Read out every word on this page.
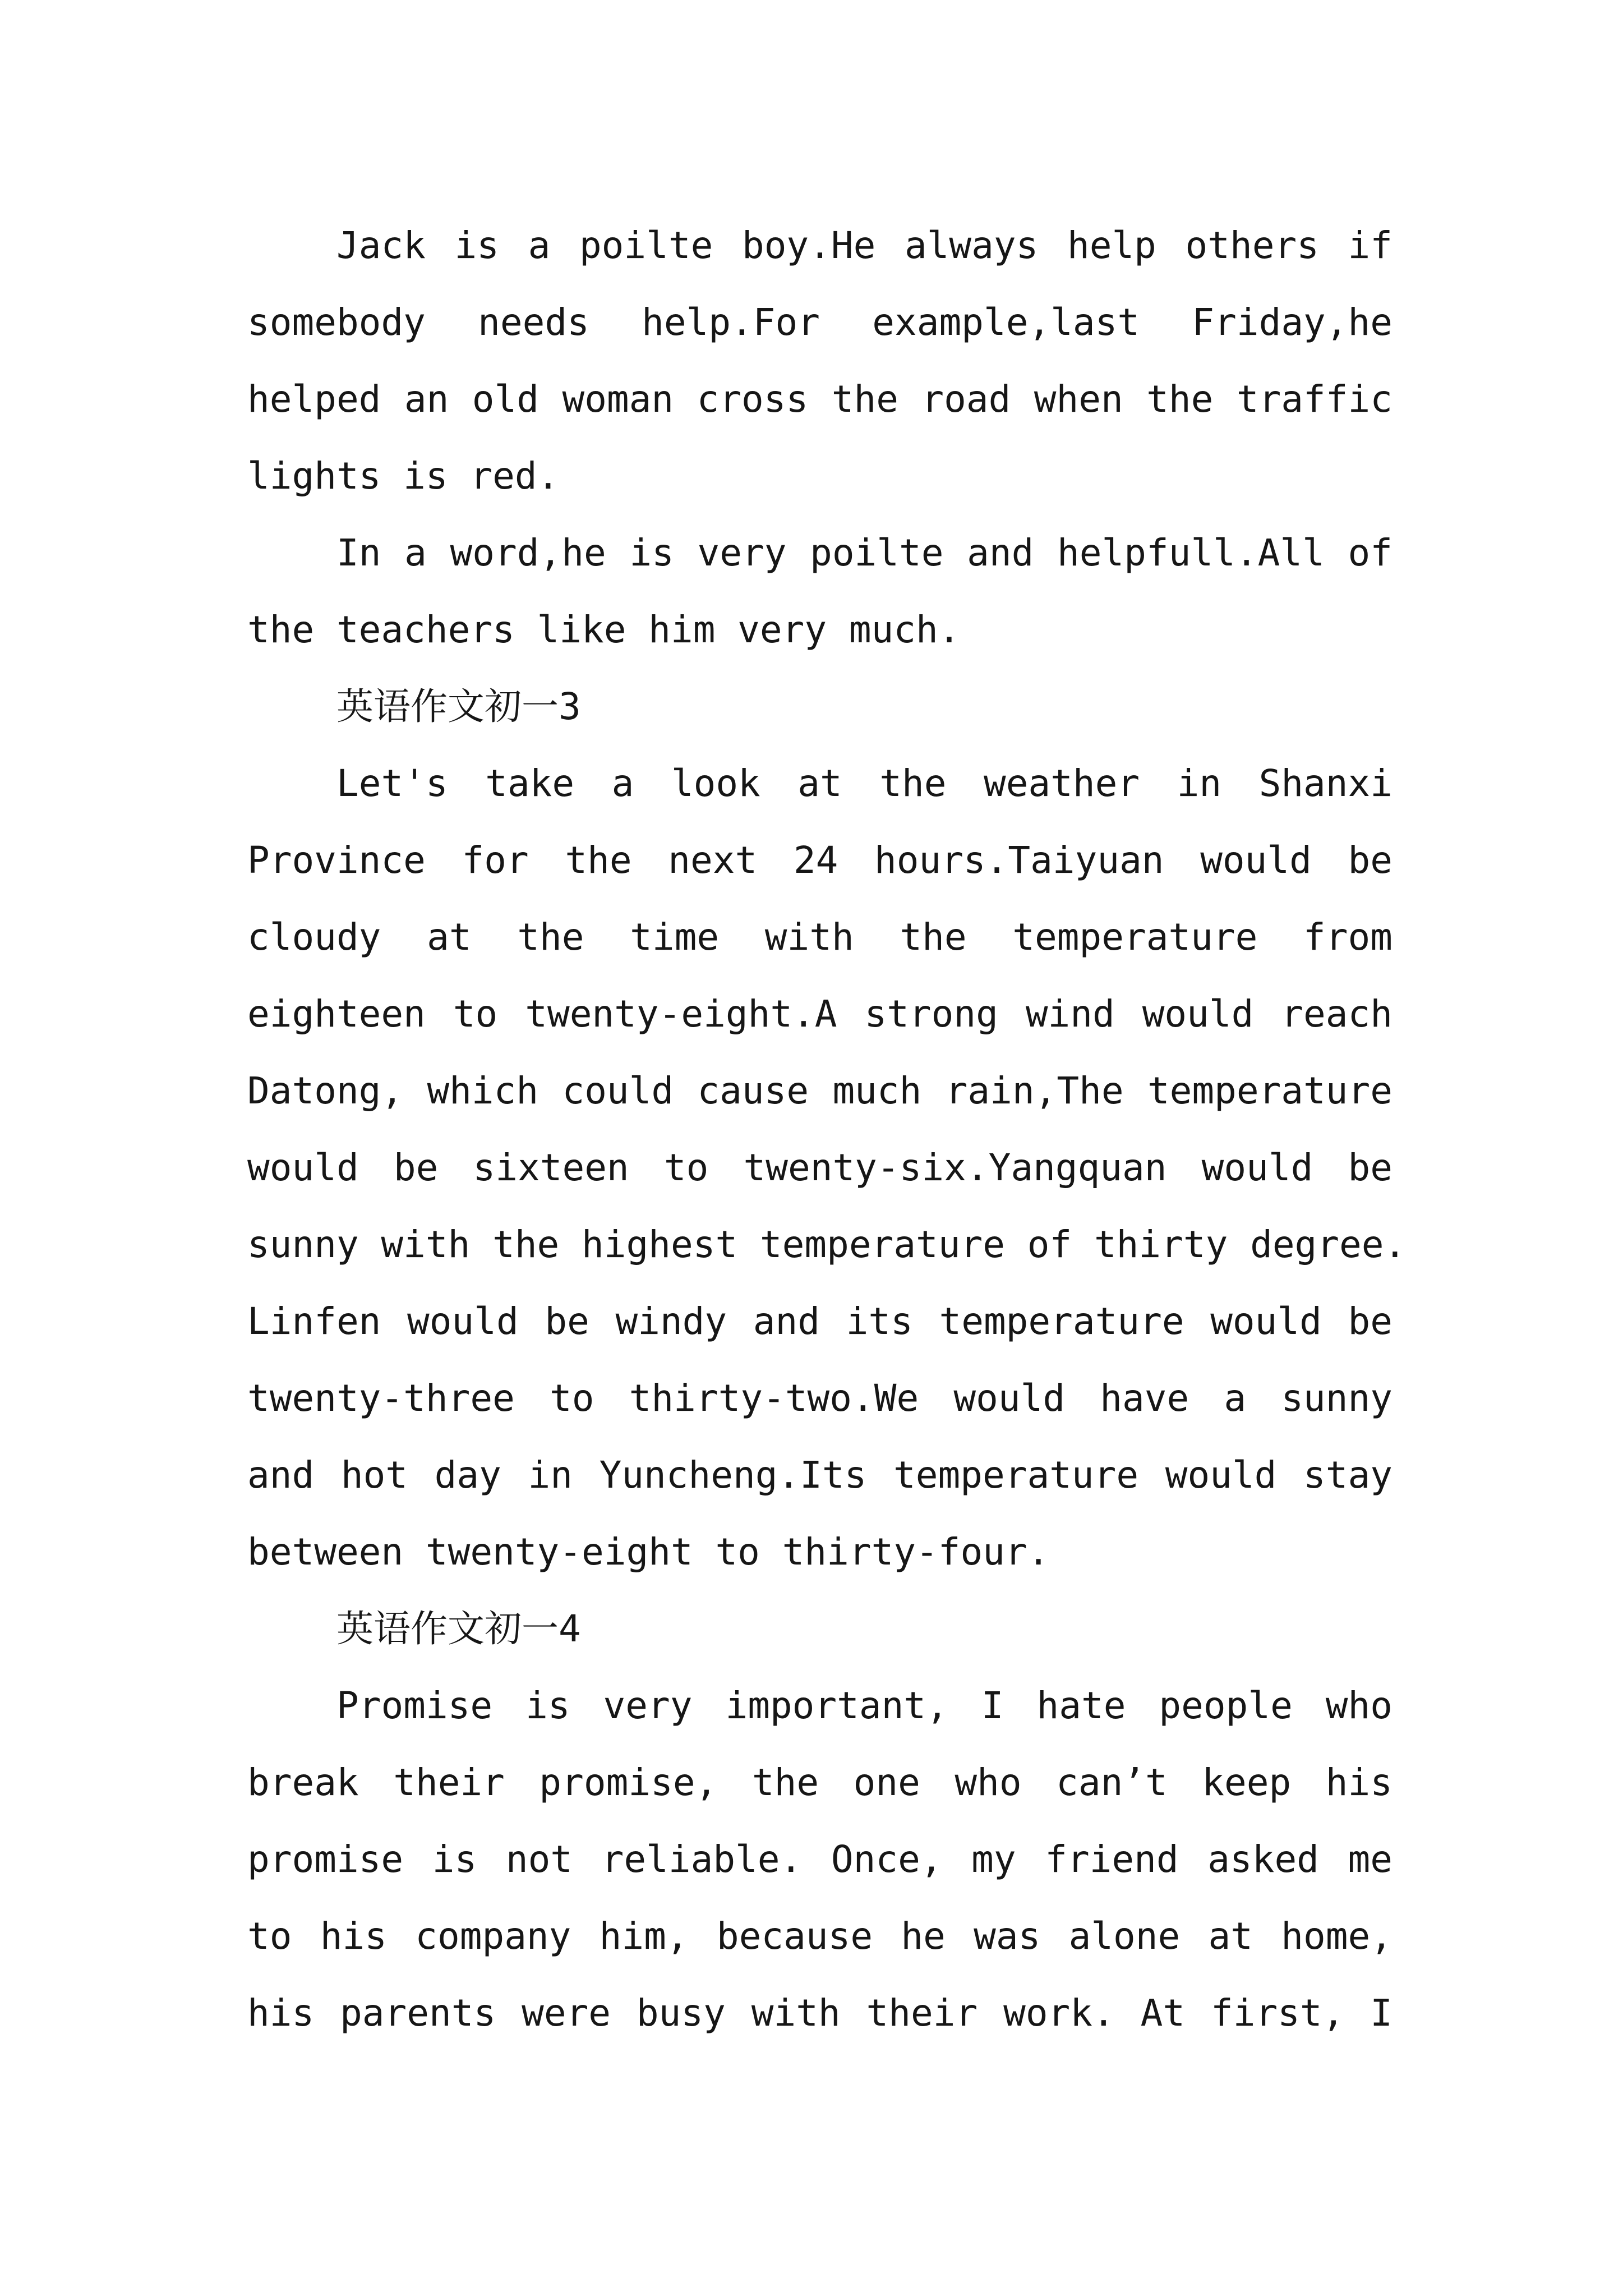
Jack is a poilte boy.He always help others if
somebody needs help.For example,last Friday,he
helped an old woman cross the road when the traffic
lights is red.
In a word,he is very poilte and helpfull.All of
the teachers like him very much.
英语作文初一3
Let's take a look at the weather in Shanxi
Province for the next 24 hours.Taiyuan would be
cloudy at the time with the temperature from
eighteen to twenty-eight.A strong wind would reach
Datong, which could cause much rain,The temperature
would be sixteen to twenty-six.Yangquan would be
sunny with the highest temperature of thirty degree.
Linfen would be windy and its temperature would be
twenty-three to thirty-two.We would have a sunny
and hot day in Yuncheng.Its temperature would stay
between twenty-eight to thirty-four.
英语作文初一4
Promise is very important, I hate people who
break their promise, the one who can’t keep his
promise is not reliable. Once, my friend asked me
to his company him, because he was alone at home,
his parents were busy with their work. At first, I
